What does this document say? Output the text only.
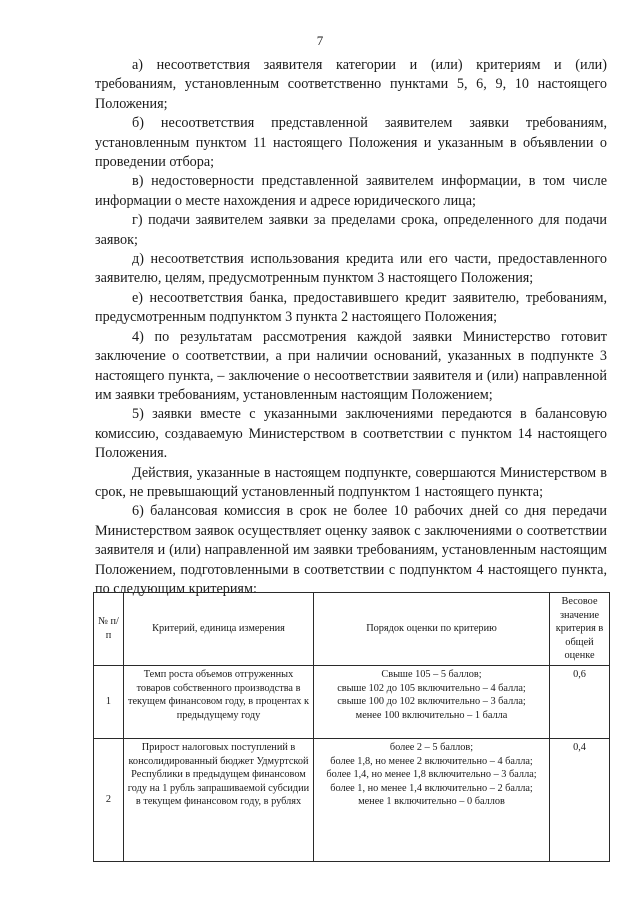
7

а) несоответствия заявителя категории и (или) критериям и (или) требованиям, установленным соответственно пунктами 5, 6, 9, 10 настоящего Положения;

б) несоответствия представленной заявителем заявки требованиям, установленным пунктом 11 настоящего Положения и указанным в объявлении о проведении отбора;

в) недостоверности представленной заявителем информации, в том числе информации о месте нахождения и адресе юридического лица;

г) подачи заявителем заявки за пределами срока, определенного для подачи заявок;

д) несоответствия использования кредита или его части, предоставленного заявителю, целям, предусмотренным пунктом 3 настоящего Положения;

е) несоответствия банка, предоставившего кредит заявителю, требованиям, предусмотренным подпунктом 3 пункта 2 настоящего Положения;

4) по результатам рассмотрения каждой заявки Министерство готовит заключение о соответствии, а при наличии оснований, указанных в подпункте 3 настоящего пункта, – заключение о несоответствии заявителя и (или) направленной им заявки требованиям, установленным настоящим Положением;

5) заявки вместе с указанными заключениями передаются в балансовую комиссию, создаваемую Министерством в соответствии с пунктом 14 настоящего Положения.

Действия, указанные в настоящем подпункте, совершаются Министерством в срок, не превышающий установленный подпунктом 1 настоящего пункта;

6) балансовая комиссия в срок не более 10 рабочих дней со дня передачи Министерством заявок осуществляет оценку заявок с заключениями о соответствии заявителя и (или) направленной им заявки требованиям, установленным настоящим Положением, подготовленными в соответствии с подпунктом 4 настоящего пункта, по следующим критериям:

№ п/п	Критерий, единица измерения	Порядок оценки по критерию	Весовое значение критерия в общей оценке
1	Темп роста объемов отгруженных товаров собственного производства в текущем финансовом году, в процентах к предыдущему году	Свыше 105 – 5 баллов;
свыше 102 до 105 включительно – 4 балла;
свыше 100 до 102 включительно – 3 балла;
менее 100 включительно – 1 балла	0,6
2	Прирост налоговых поступлений в консолидированный бюджет Удмуртской Республики в предыдущем финансовом году на 1 рубль запрашиваемой субсидии в текущем финансовом году, в рублях	более 2 – 5 баллов;
более 1,8, но менее 2 включительно – 4 балла;
более 1,4, но менее 1,8 включительно – 3 балла;
более 1, но менее 1,4 включительно – 2 балла;
менее 1 включительно – 0 баллов	0,4
